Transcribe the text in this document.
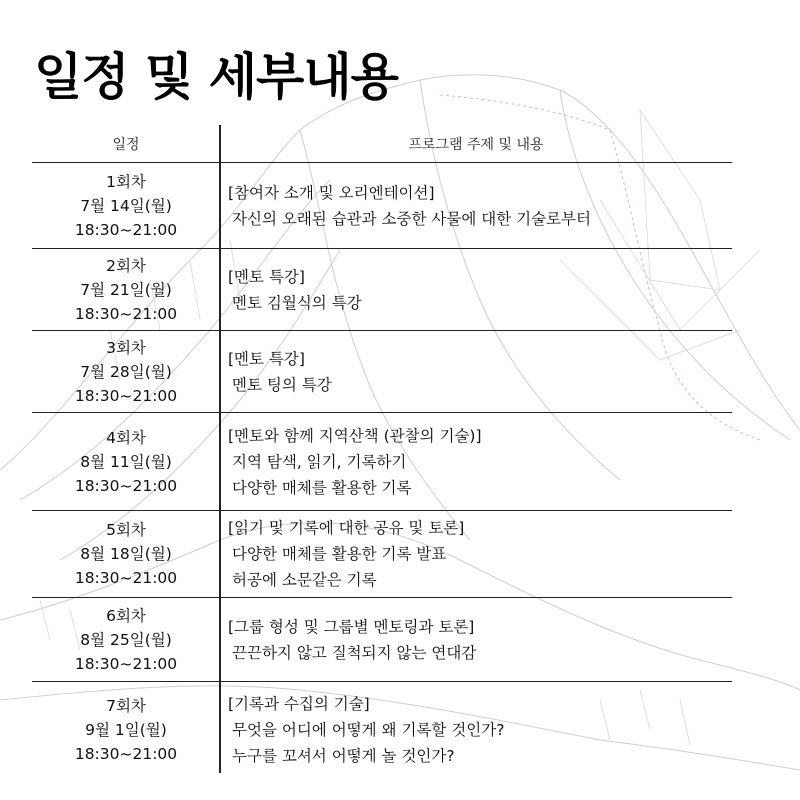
일정 및 세부내용
일정	프로그램 주제 및 내용
1회차
7월 14일(월)
18:30~21:00
[참여자 소개 및 오리엔테이션]
자신의 오래된 습관과 소중한 사물에 대한 기술로부터
2회차
7월 21일(월)
18:30~21:00
[멘토 특강]
멘토 김월식의 특강
3회차
7월 28일(월)
18:30~21:00
[멘토 특강]
멘토 팅의 특강
4회차
8월 11일(월)
18:30~21:00
[멘토와 함께 지역산책 (관찰의 기술)]
지역 탐색, 읽기, 기록하기
다양한 매체를 활용한 기록
5회차
8월 18일(월)
18:30~21:00
[읽기 및 기록에 대한 공유 및 토론]
다양한 매체를 활용한 기록 발표
허공에 소문같은 기록
6회차
8월 25일(월)
18:30~21:00
[그룹 형성 및 그룹별 멘토링과 토론]
끈끈하지 않고 질척되지 않는 연대감
7회차
9월 1일(월)
18:30~21:00
[기록과 수집의 기술]
무엇을 어디에 어떻게 왜 기록할 것인가?
누구를 꼬셔서 어떻게 놀 것인가?
